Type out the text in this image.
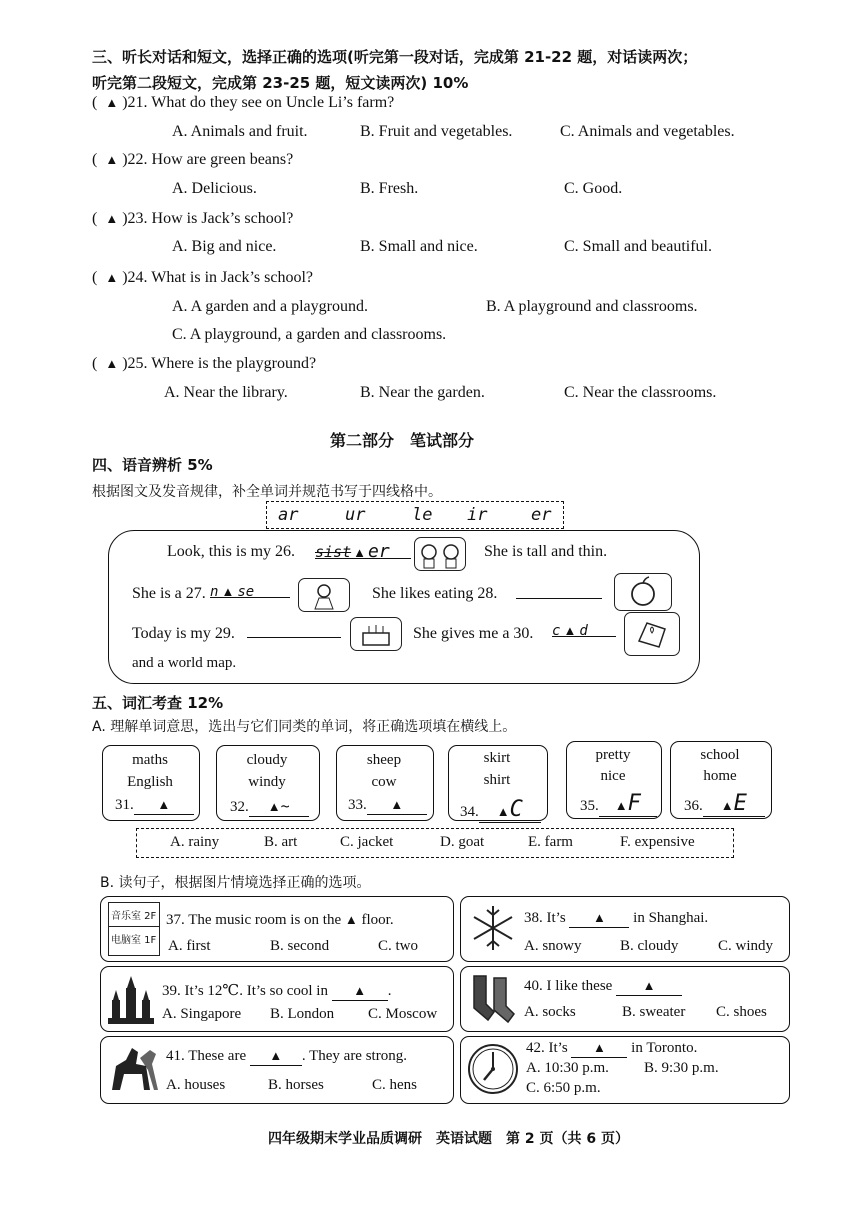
三、听长对话和短文，选择正确的选项(听完第一段对话，完成第 21-22 题，对话读两次；
听完第二段短文，完成第 23-25 题，短文读两次) 10%
( ▲ )21. What do they see on Uncle Li’s farm?
A. Animals and fruit.	B. Fruit and vegetables.	C. Animals and vegetables.
( ▲ )22. How are green beans?
A. Delicious.	B. Fresh.	C. Good.
( ▲ )23. How is Jack’s school?
A. Big and nice.	B. Small and nice.	C. Small and beautiful.
( ▲ )24. What is in Jack’s school?
A. A garden and a playground.	B. A playground and classrooms.
C. A playground, a garden and classrooms.
( ▲ )25. Where is the playground?
A. Near the library.	B. Near the garden.	C. Near the classrooms.
第二部分　笔试部分
四、语音辨析 5%
根据图文及发音规律，补全单词并规范书写于四线格中。
ar	ur	le ir	er
Look, this is my 26. sist ▲ er	She is tall and thin.
She is a 27. n ▲ se	She likes eating 28.
Today is my 29.	She gives me a 30. c ▲ d
and a world map.
五、词汇考查 12%
A. 理解单词意思，选出与它们同类的单词，将正确选项填在横线上。
maths
English
31. ▲
cloudy
windy
32. ▲~
sheep
cow
33. ▲
skirt
shirt
34. ▲C
pretty
nice
35. ▲F
school
home
36. ▲E
A. rainy	B. art	C. jacket	D. goat	E. farm	F. expensive
B. 读句子，根据图片情境选择正确的选项。
音乐室 2F
电脑室 1F
37. The music room is on the ▲ floor.
A. first	B. second	C. two
38. It’s ▲ in Shanghai.
A. snowy	B. cloudy	C. windy
39. It’s 12℃. It’s so cool in ▲ .
A. Singapore B. London C. Moscow
40. I like these ▲
A. socks	B. sweater C. shoes
41. These are ▲ . They are strong.
A. houses	B. horses	C. hens
42. It’s ▲ in Toronto.
A. 10:30 p.m. B. 9:30 p.m.
C. 6:50 p.m.
四年级期末学业品质调研　英语试题　第 2 页（共 6 页）
